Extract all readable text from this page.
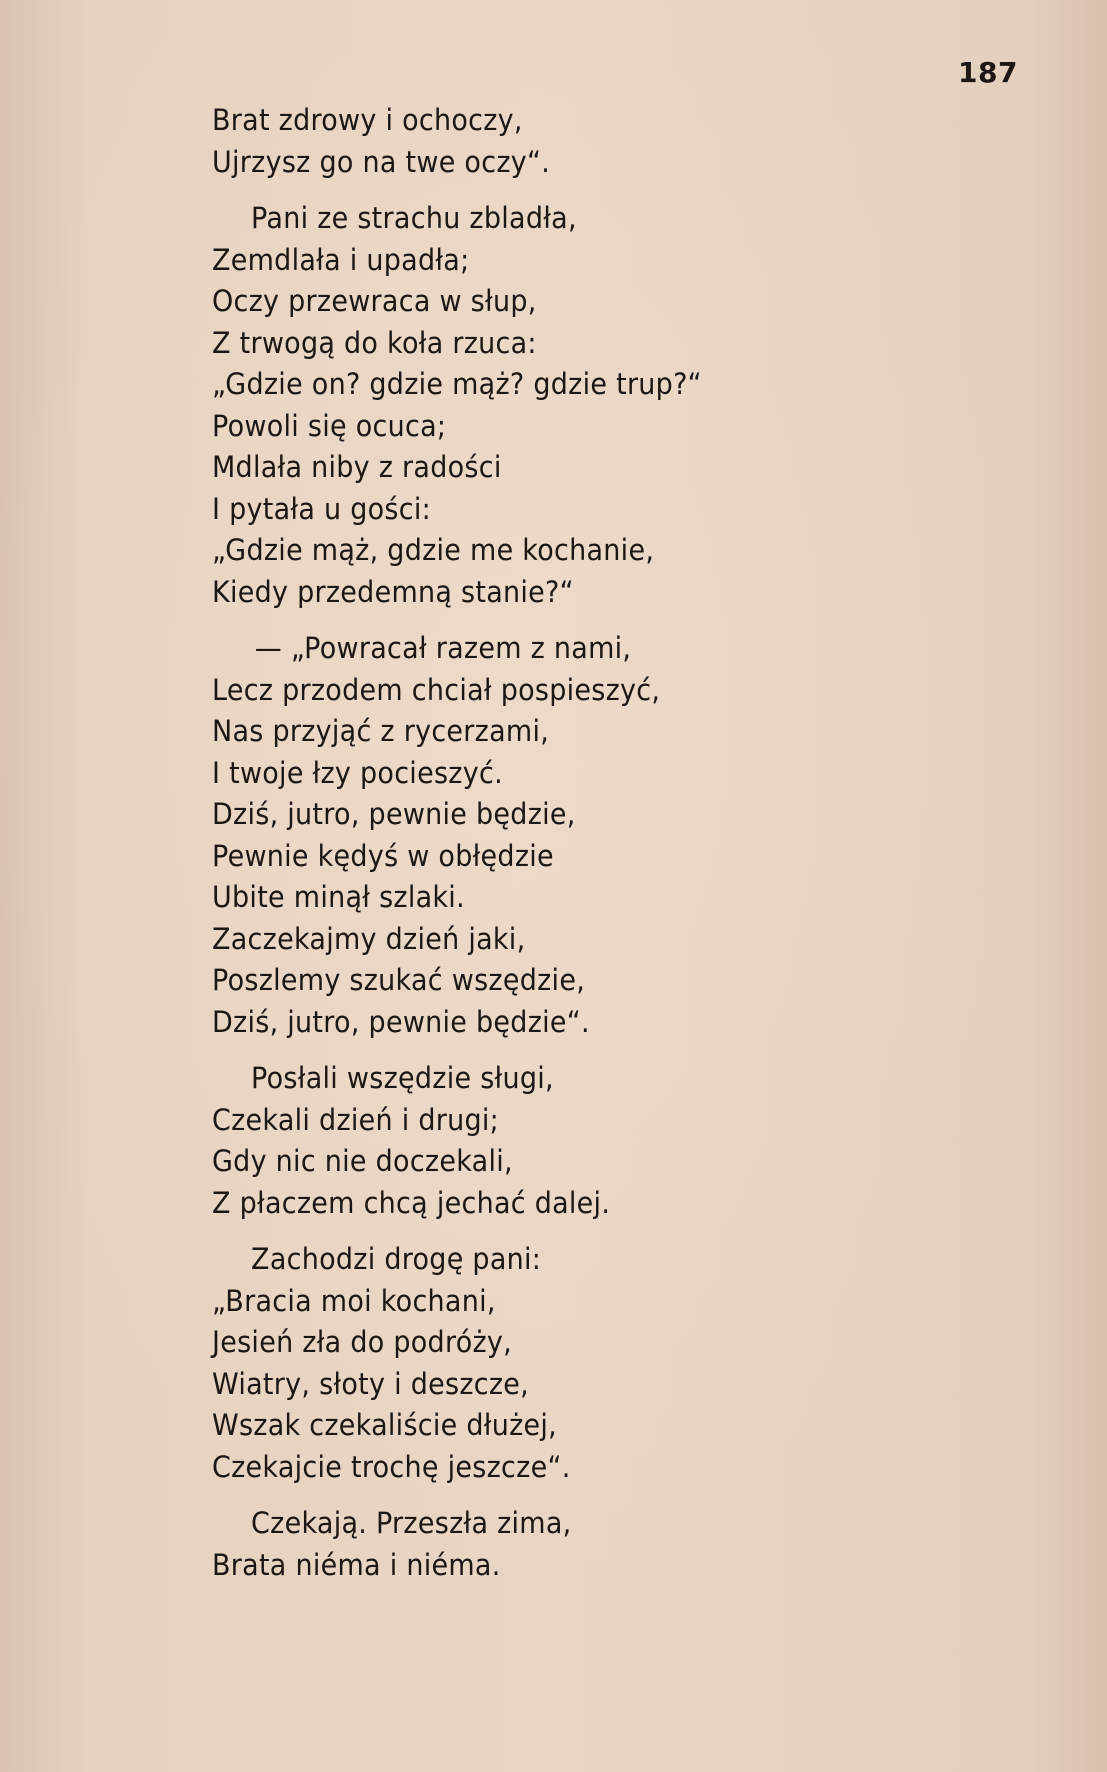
187
Brat zdrowy i ochoczy,
Ujrzysz go na twe oczy“.
Pani ze strachu zbladła,
Zemdlała i upadła;
Oczy przewraca w słup,
Z trwogą do koła rzuca:
„Gdzie on? gdzie mąż? gdzie trup?“
Powoli się ocuca;
Mdlała niby z radości
I pytała u gości:
„Gdzie mąż, gdzie me kochanie,
Kiedy przedemną stanie?“
— „Powracał razem z nami,
Lecz przodem chciał pospieszyć,
Nas przyjąć z rycerzami,
I twoje łzy pocieszyć.
Dziś, jutro, pewnie będzie,
Pewnie kędyś w obłędzie
Ubite minął szlaki.
Zaczekajmy dzień jaki,
Poszlemy szukać wszędzie,
Dziś, jutro, pewnie będzie“.
Posłali wszędzie sługi,
Czekali dzień i drugi;
Gdy nic nie doczekali,
Z płaczem chcą jechać dalej.
Zachodzi drogę pani:
„Bracia moi kochani,
Jesień zła do podróży,
Wiatry, słoty i deszcze,
Wszak czekaliście dłużej,
Czekajcie trochę jeszcze“.
Czekają. Przeszła zima,
Brata niéma i niéma.
